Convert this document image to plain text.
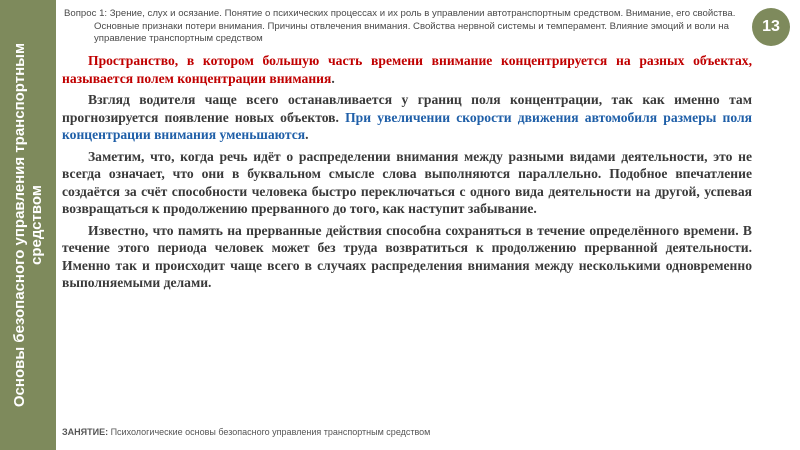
Основы безопасного управления транспортным средством
Вопрос 1: Зрение, слух и осязание. Понятие о психических процессах и их роль в управлении автотранспортным средством. Внимание, его свойства. Основные признаки потери внимания. Причины отвлечения внимания. Свойства нервной системы и темперамент. Влияние эмоций и воли на управление транспортным средством
13

Пространство, в котором большую часть времени внимание концентрируется на разных объектах, называется полем концентрации внимания.

Взгляд водителя чаще всего останавливается у границ поля концентрации, так как именно там прогнозируется появление новых объектов. При увеличении скорости движения автомобиля размеры поля концентрации внимания уменьшаются.

Заметим, что, когда речь идёт о распределении внимания между разными видами деятельности, это не всегда означает, что они в буквальном смысле слова выполняются параллельно. Подобное впечатление создаётся за счёт способности человека быстро переключаться с одного вида деятельности на другой, успевая возвращаться к продолжению прерванного до того, как наступит забывание.

Известно, что память на прерванные действия способна сохраняться в течение определённого времени. В течение этого периода человек может без труда возвратиться к продолжению прерванной деятельности. Именно так и происходит чаще всего в случаях распределения внимания между несколькими одновременно выполняемыми делами.

ЗАНЯТИЕ: Психологические основы безопасного управления транспортным средством
